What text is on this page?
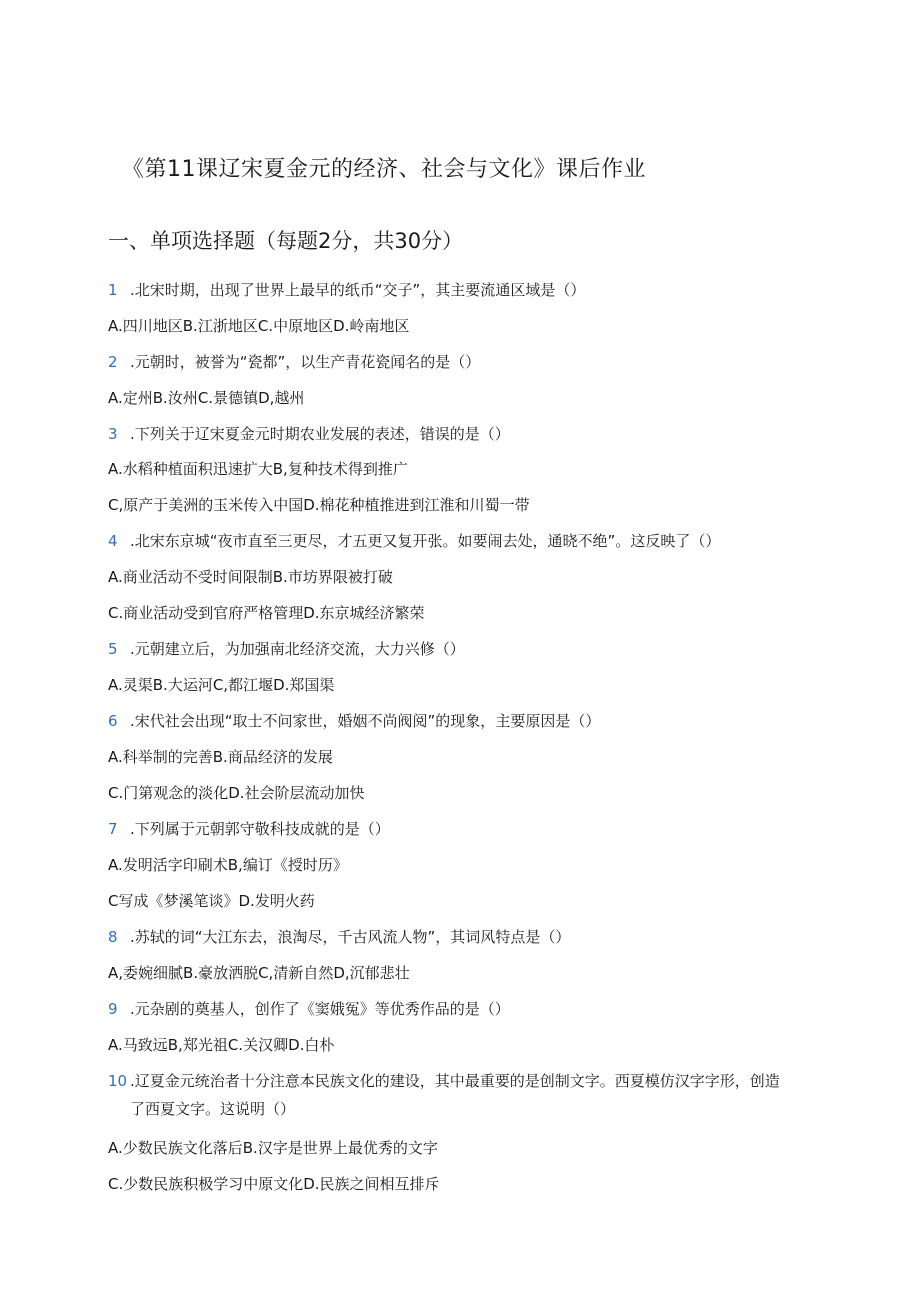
《第11课辽宋夏金元的经济、社会与文化》课后作业
一、单项选择题（每题2分，共30分）
1 .北宋时期，出现了世界上最早的纸币“交子”，其主要流通区域是（）
A.四川地区B.江浙地区C.中原地区D.岭南地区
2 .元朝时，被誉为“瓷都”，以生产青花瓷闻名的是（）
A.定州B.汝州C.景德镇D,越州
3 .下列关于辽宋夏金元时期农业发展的表述，错误的是（）
A.水稻种植面积迅速扩大B,复种技术得到推广
C,原产于美洲的玉米传入中国D.棉花种植推进到江淮和川蜀一带
4 .北宋东京城“夜市直至三更尽，才五更又复开张。如要闹去处，通晓不绝”。这反映了（）
A.商业活动不受时间限制B.市坊界限被打破
C.商业活动受到官府严格管理D.东京城经济繁荣
5 .元朝建立后，为加强南北经济交流，大力兴修（）
A.灵渠B.大运河C,都江堰D.郑国渠
6 .宋代社会出现“取士不问家世，婚姻不尚阀阅”的现象，主要原因是（）
A.科举制的完善B.商品经济的发展
C.门第观念的淡化D.社会阶层流动加快
7 .下列属于元朝郭守敬科技成就的是（）
A.发明活字印刷术B,编订《授时历》
C写成《梦溪笔谈》D.发明火药
8 .苏轼的词“大江东去，浪淘尽，千古风流人物”，其词风特点是（）
A,委婉细腻B.豪放洒脱C,清新自然D,沉郁悲壮
9 .元杂剧的奠基人，创作了《窦娥冤》等优秀作品的是（）
A.马致远B,郑光祖C.关汉卿D.白朴
10 .辽夏金元统治者十分注意本民族文化的建设，其中最重要的是创制文字。西夏模仿汉字字形，创造
了西夏文字。这说明（）
A.少数民族文化落后B.汉字是世界上最优秀的文字
C.少数民族积极学习中原文化D.民族之间相互排斥
